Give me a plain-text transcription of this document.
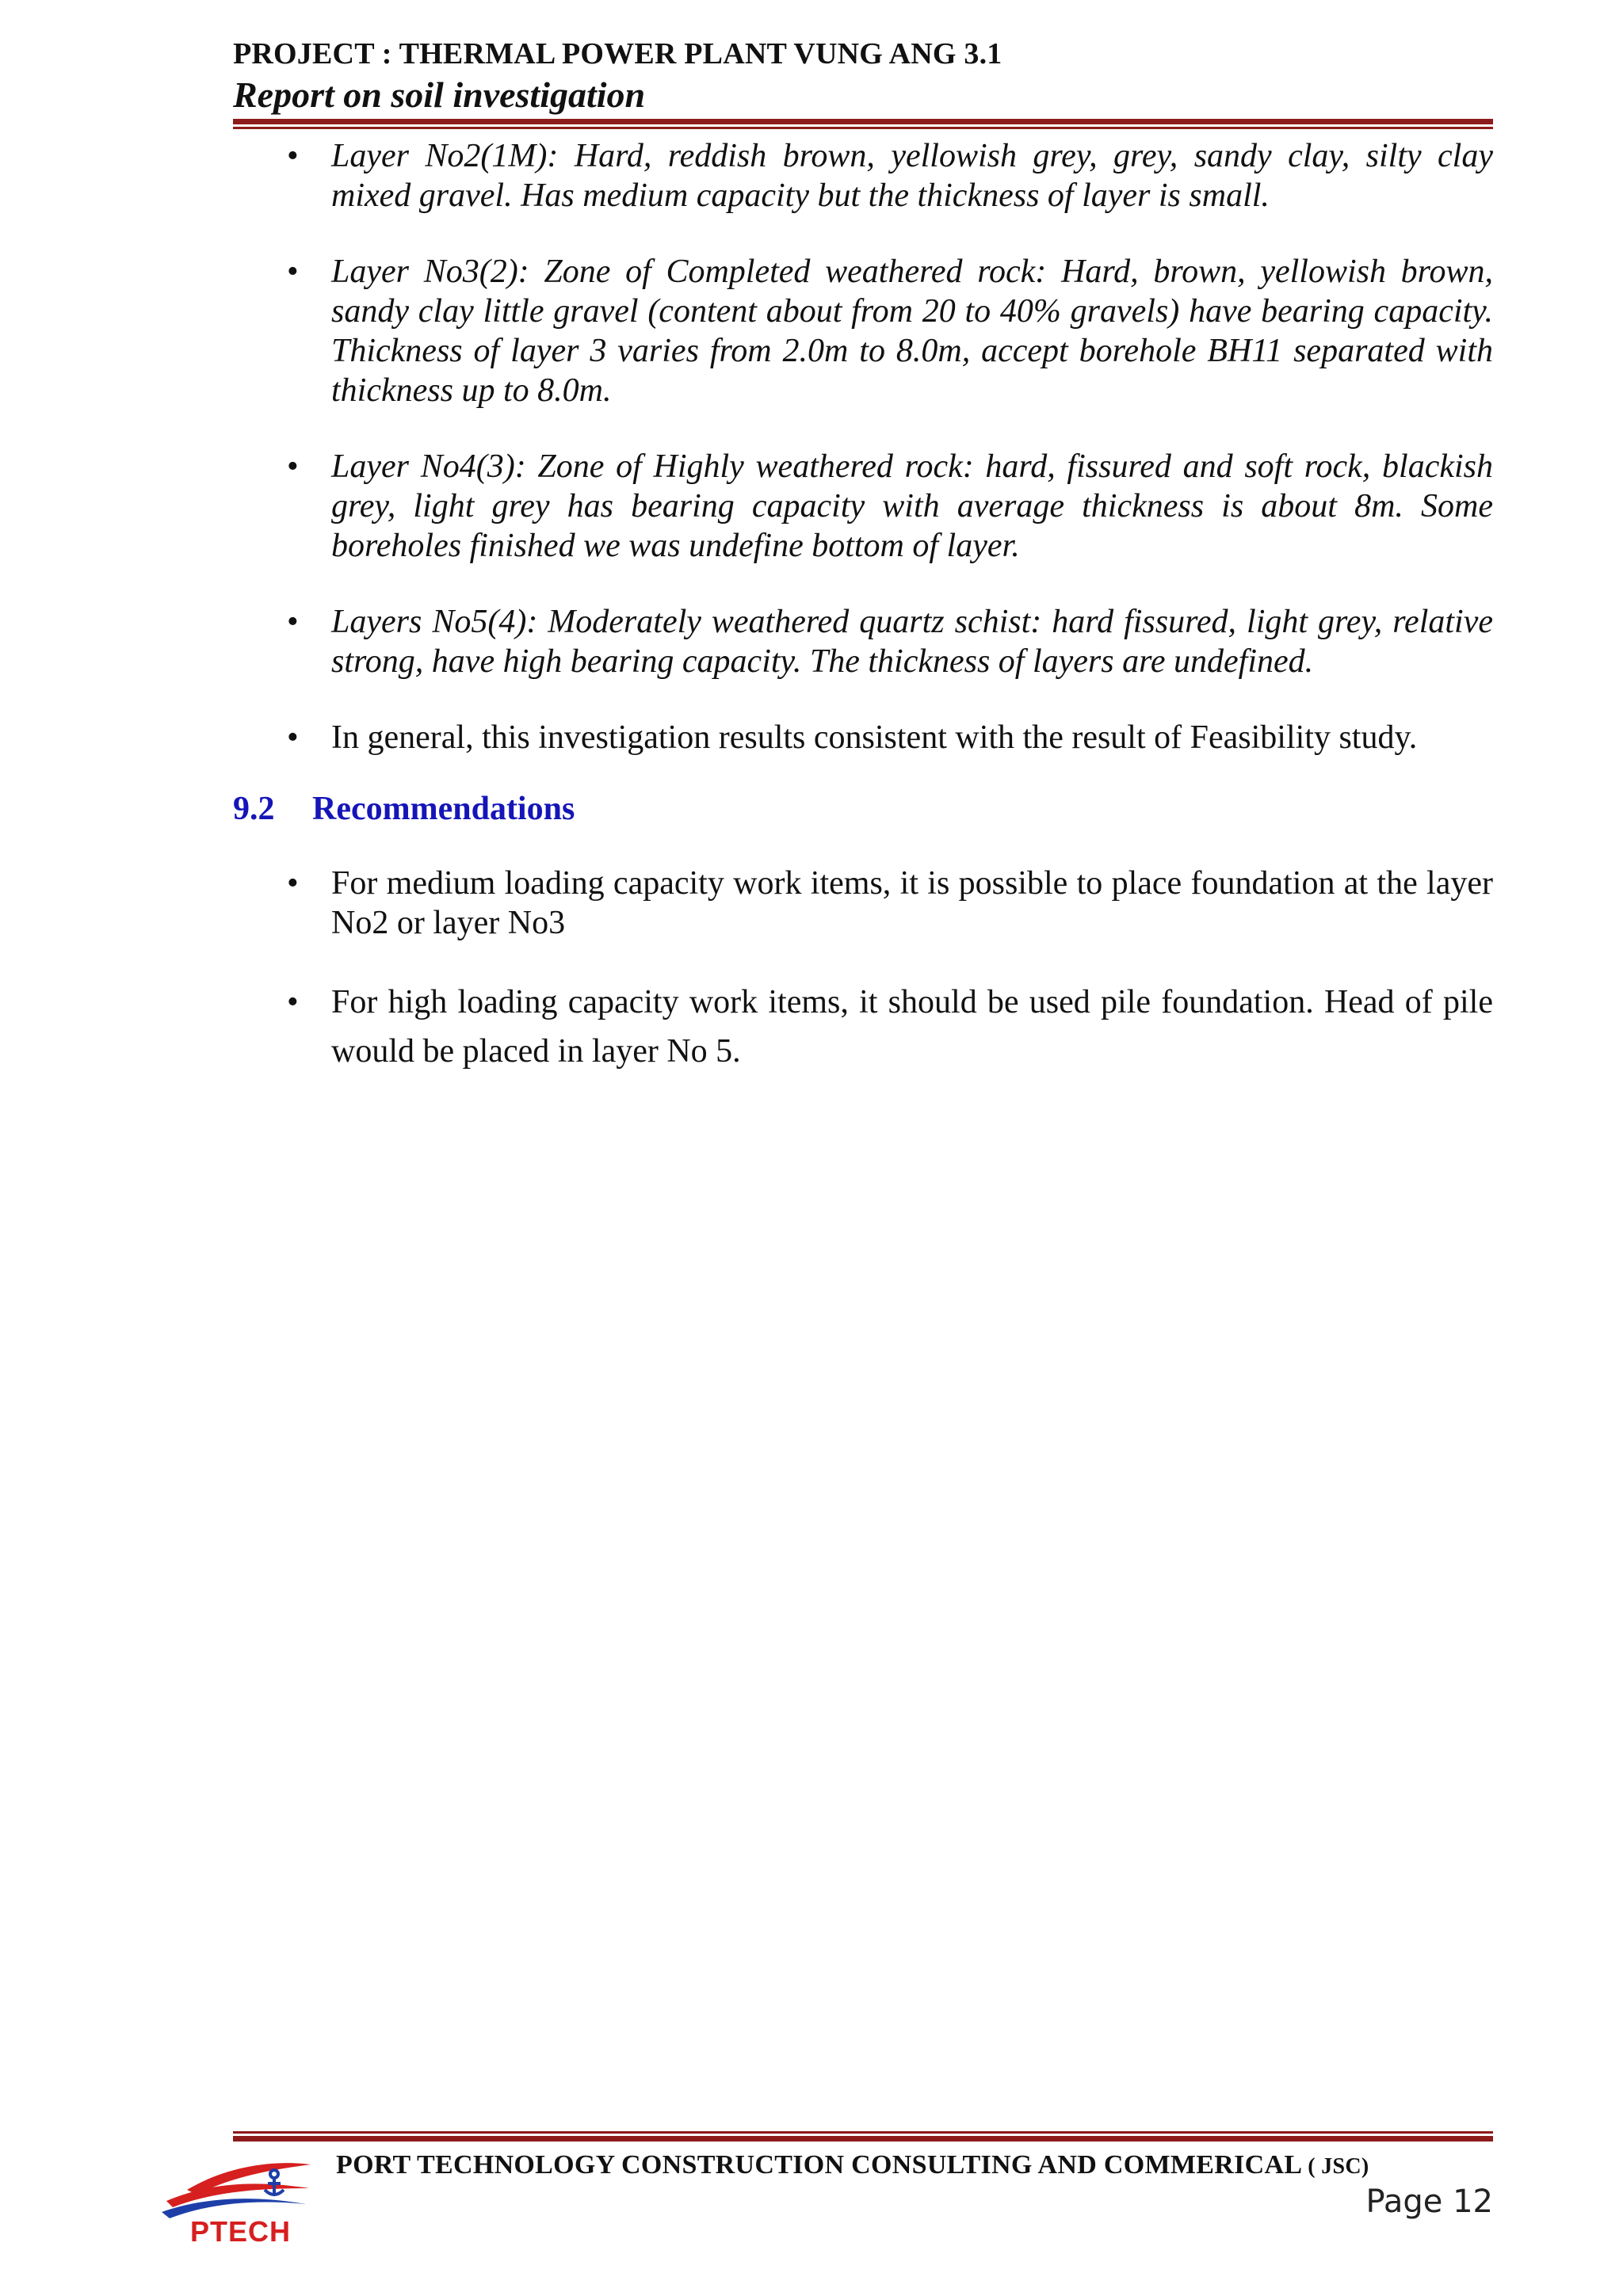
PROJECT : THERMAL POWER PLANT VUNG ANG 3.1
Report on soil investigation
• Layer No2(1M): Hard, reddish brown, yellowish grey, grey, sandy clay, silty clay mixed gravel. Has medium capacity but the thickness of layer is small.
• Layer No3(2): Zone of Completed weathered rock: Hard, brown, yellowish brown, sandy clay little gravel (content about from 20 to 40% gravels) have bearing capacity. Thickness of layer 3 varies from 2.0m to 8.0m, accept borehole BH11 separated with thickness up to 8.0m.
• Layer No4(3): Zone of Highly weathered rock: hard, fissured and soft rock, blackish grey, light grey has bearing capacity with average thickness is about 8m. Some boreholes finished we was undefine bottom of layer.
• Layers No5(4): Moderately weathered quartz schist: hard fissured, light grey, relative strong, have high bearing capacity. The thickness of layers are undefined.
• In general, this investigation results consistent with the result of Feasibility study.
9.2 Recommendations
• For medium loading capacity work items, it is possible to place foundation at the layer No2 or layer No3
• For high loading capacity work items, it should be used pile foundation. Head of pile would be placed in layer No 5.
PTECH
PORT TECHNOLOGY CONSTRUCTION CONSULTING AND COMMERICAL ( JSC)
Page 12
